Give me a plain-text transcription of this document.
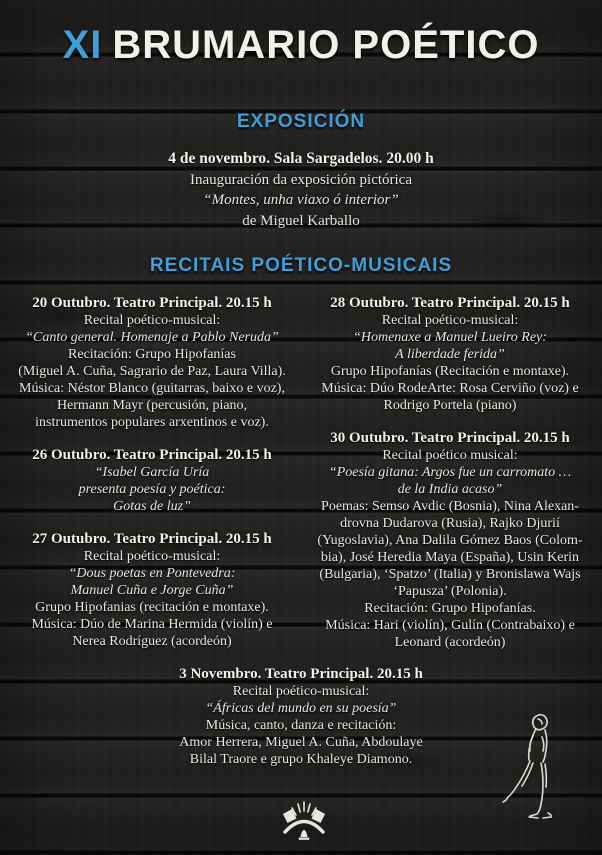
XI BRUMARIO POÉTICO
EXPOSICIÓN
4 de novembro. Sala Sargadelos. 20.00 h
Inauguración da exposición pictórica
“Montes, unha viaxo ó interior”
de Miguel Karballo
RECITAIS POÉTICO-MUSICAIS
20 Outubro. Teatro Principal. 20.15 h
Recital poético-musical:
“Canto general. Homenaje a Pablo Neruda”
Recitación: Grupo Hipofanías
(Miguel A. Cuña, Sagrario de Paz, Laura Villa).
Música: Néstor Blanco (guitarras, baixo e voz),
Hermann Mayr (percusión, piano,
instrumentos populares arxentinos e voz).
26 Outubro. Teatro Principal. 20.15 h
“Isabel García Uría
presenta poesía y poética:
Gotas de luz”
27 Outubro. Teatro Principal. 20.15 h
Recital poético-musical:
“Dous poetas en Pontevedra:
Manuel Cuña e Jorge Cuña”
Grupo Hipofanias (recitación e montaxe).
Música: Dúo de Marina Hermida (violín) e
Nerea Rodríguez (acordeón)
28 Outubro. Teatro Principal. 20.15 h
Recital poético-musical:
“Homenaxe a Manuel Lueiro Rey:
A liberdade ferida”
Grupo Hipofanías (Recitación e montaxe).
Música: Dúo RodeArte: Rosa Cerviño (voz) e
Rodrigo Portela (piano)
30 Outubro. Teatro Principal. 20.15 h
Recital poético musical:
“Poesía gitana: Argos fue un carromato …
de la India acaso”
Poemas: Semso Avdic (Bosnia), Nina Alexan-
drovna Dudarova (Rusia), Rajko Djurií
(Yugoslavia), Ana Dalila Gómez Baos (Colom-
bia), José Heredia Maya (España), Usin Kerin
(Bulgaria), ‘Spatzo’ (Italia) y Bronislawa Wajs
‘Papusza’ (Polonia).
Recitación: Grupo Hipofanías.
Música: Hari (violín), Gulín (Contrabaixo) e
Leonard (acordeón)
3 Novembro. Teatro Principal. 20.15 h
Recital poético-musical:
“Áfricas del mundo en su poesía”
Música, canto, danza e recitación:
Amor Herrera, Miguel A. Cuña, Abdoulaye
Bilal Traore e grupo Khaleye Diamono.
